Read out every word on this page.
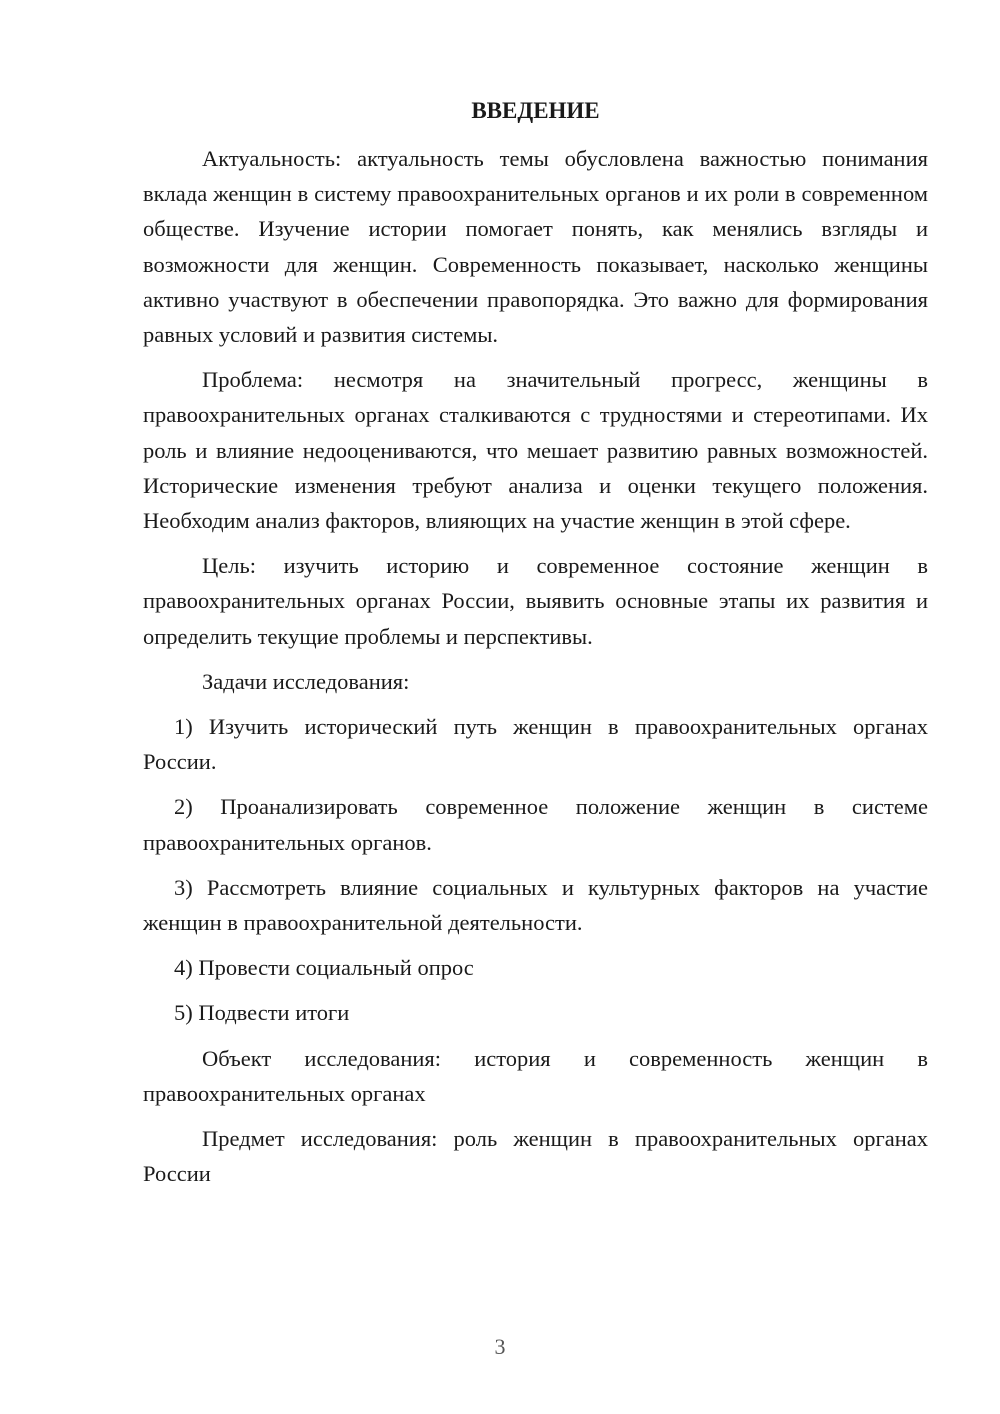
ВВЕДЕНИЕ

Актуальность: актуальность темы обусловлена важностью понимания вклада женщин в систему правоохранительных органов и их роли в современном обществе. Изучение истории помогает понять, как менялись взгляды и возможности для женщин. Современность показывает, насколько женщины активно участвуют в обеспечении правопорядка. Это важно для формирования равных условий и развития системы.

Проблема: несмотря на значительный прогресс, женщины в правоохранительных органах сталкиваются с трудностями и стереотипами. Их роль и влияние недооцениваются, что мешает развитию равных возможностей. Исторические изменения требуют анализа и оценки текущего положения. Необходим анализ факторов, влияющих на участие женщин в этой сфере.

Цель: изучить историю и современное состояние женщин в правоохранительных органах России, выявить основные этапы их развития и определить текущие проблемы и перспективы.

Задачи исследования:

1) Изучить исторический путь женщин в правоохранительных органах России.

2) Проанализировать современное положение женщин в системе правоохранительных органов.

3) Рассмотреть влияние социальных и культурных факторов на участие женщин в правоохранительной деятельности.

4) Провести социальный опрос

5) Подвести итоги

Объект исследования: история и современность женщин в правоохранительных органах

Предмет исследования: роль женщин в правоохранительных органах России

3
